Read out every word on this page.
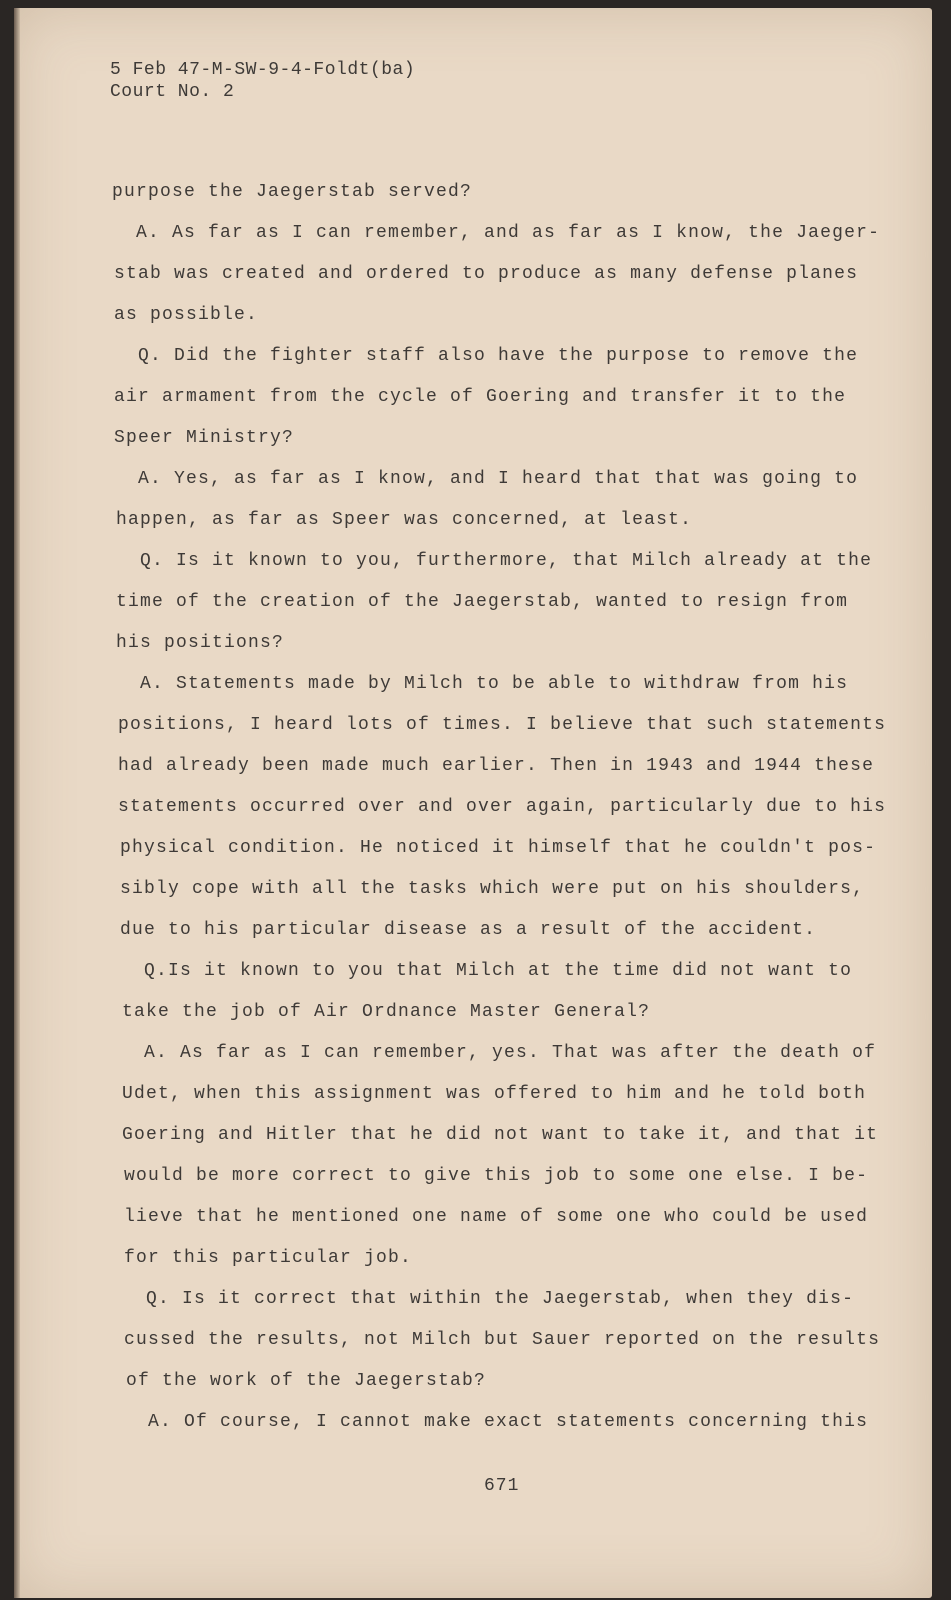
5 Feb 47-M-SW-9-4-Foldt(ba)
Court No. 2
purpose the Jaegerstab served?
A. As far as I can remember, and as far as I know, the Jaeger-
stab was created and ordered to produce as many defense planes
as possible.
Q. Did the fighter staff also have the purpose to remove the
air armament from the cycle of Goering and transfer it to the
Speer Ministry?
A. Yes, as far as I know, and I heard that that was going to
happen, as far as Speer was concerned, at least.
Q. Is it known to you, furthermore, that Milch already at the
time of the creation of the Jaegerstab, wanted to resign from
his positions?
A. Statements made by Milch to be able to withdraw from his
positions, I heard lots of times. I believe that such statements
had already been made much earlier. Then in 1943 and 1944 these
statements occurred over and over again, particularly due to his
physical condition. He noticed it himself that he couldn't pos-
sibly cope with all the tasks which were put on his shoulders,
due to his particular disease as a result of the accident.
Q.Is it known to you that Milch at the time did not want to
take the job of Air Ordnance Master General?
A. As far as I can remember, yes. That was after the death of
Udet, when this assignment was offered to him and he told both
Goering and Hitler that he did not want to take it, and that it
would be more correct to give this job to some one else. I be-
lieve that he mentioned one name of some one who could be used
for this particular job.
Q. Is it correct that within the Jaegerstab, when they dis-
cussed the results, not Milch but Sauer reported on the results
of the work of the Jaegerstab?
A. Of course, I cannot make exact statements concerning this
671
